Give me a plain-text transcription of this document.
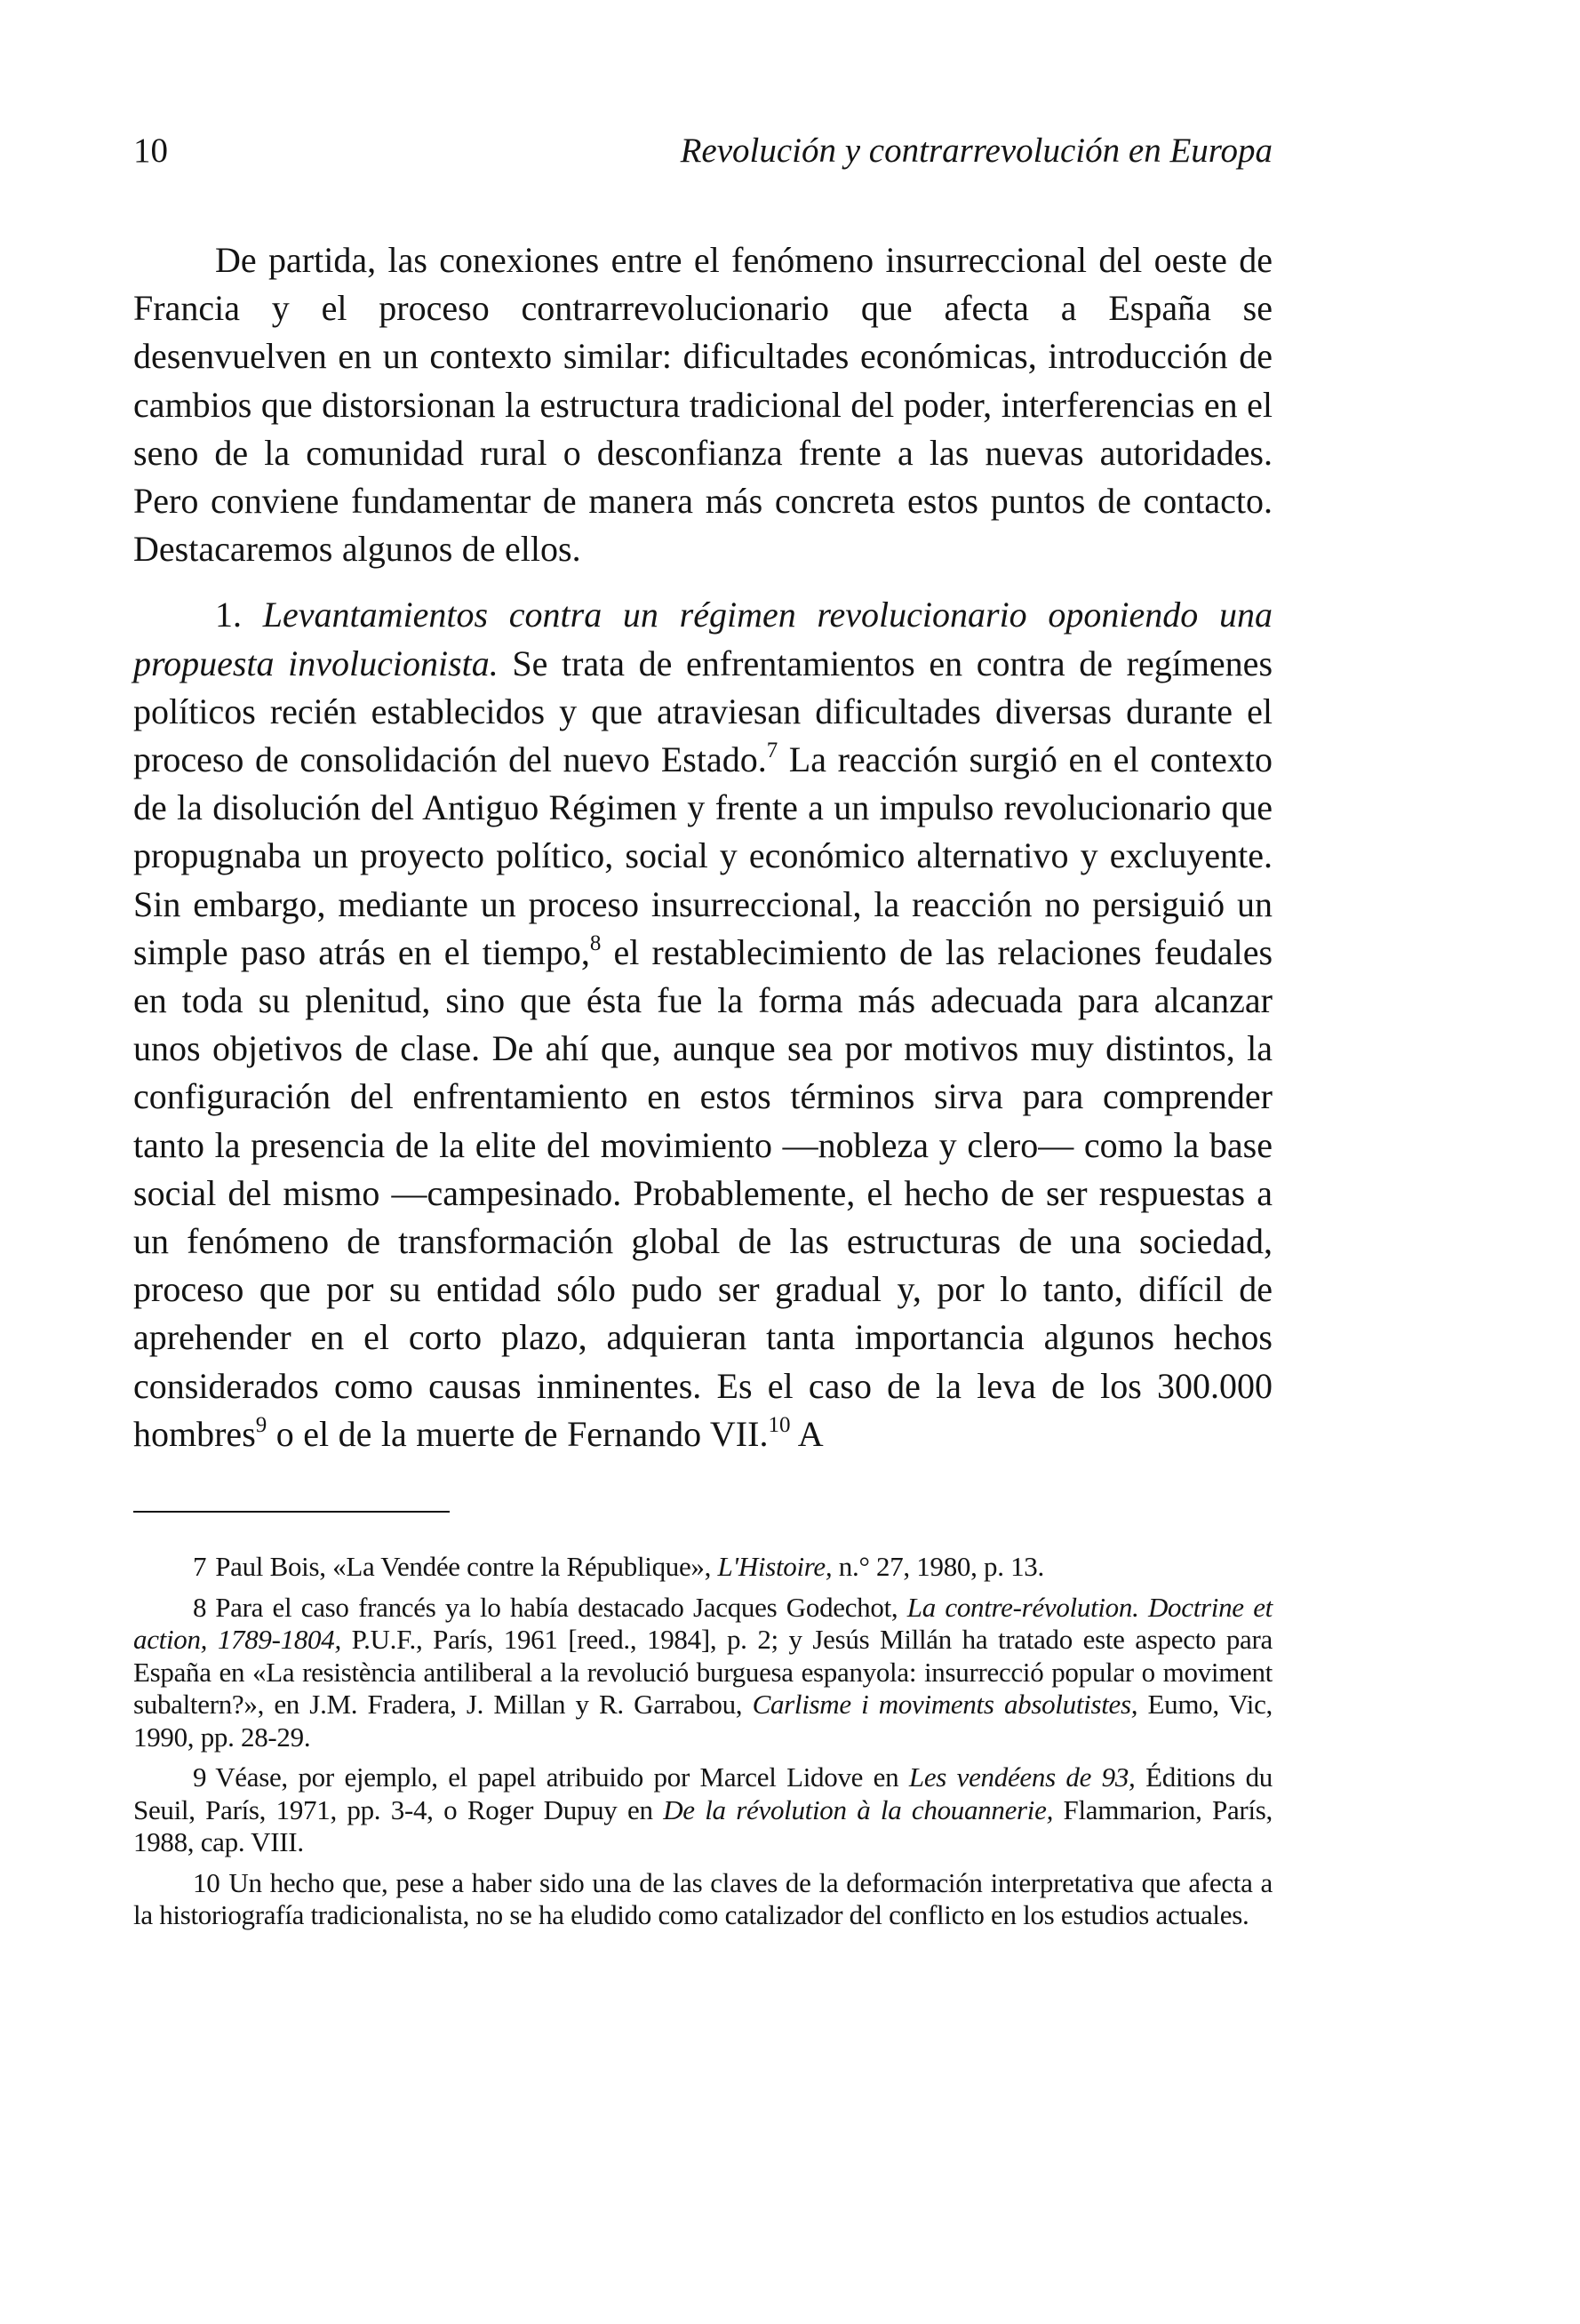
10	Revolución y contrarrevolución en Europa

De partida, las conexiones entre el fenómeno insurreccional del oeste de Francia y el proceso contrarrevolucionario que afecta a España se desenvuelven en un contexto similar: dificultades económicas, introducción de cambios que distorsionan la estructura tradicional del poder, interferencias en el seno de la comunidad rural o desconfianza frente a las nuevas autoridades. Pero conviene fundamentar de manera más concreta estos puntos de contacto. Destacaremos algunos de ellos.

1. Levantamientos contra un régimen revolucionario oponiendo una propuesta involucionista. Se trata de enfrentamientos en contra de regímenes políticos recién establecidos y que atraviesan dificultades diversas durante el proceso de consolidación del nuevo Estado.$^7$ La reacción surgió en el contexto de la disolución del Antiguo Régimen y frente a un impulso revolucionario que propugnaba un proyecto político, social y económico alternativo y excluyente. Sin embargo, mediante un proceso insurreccional, la reacción no persiguió un simple paso atrás en el tiempo,$^8$ el restablecimiento de las relaciones feudales en toda su plenitud, sino que ésta fue la forma más adecuada para alcanzar unos objetivos de clase. De ahí que, aunque sea por motivos muy distintos, la configuración del enfrentamiento en estos términos sirva para comprender tanto la presencia de la elite del movimiento —nobleza y clero— como la base social del mismo —campesinado. Probablemente, el hecho de ser respuestas a un fenómeno de transformación global de las estructuras de una sociedad, proceso que por su entidad sólo pudo ser gradual y, por lo tanto, difícil de aprehender en el corto plazo, adquieran tanta importancia algunos hechos considerados como causas inminentes. Es el caso de la leva de los 300.000 hombres$^9$ o el de la muerte de Fernando VII.$^{10}$ A

7 Paul Bois, «La Vendée contre la République», L'Histoire, n.° 27, 1980, p. 13.

8 Para el caso francés ya lo había destacado Jacques Godechot, La contre-révolution. Doctrine et action, 1789-1804, P.U.F., París, 1961 [reed., 1984], p. 2; y Jesús Millán ha tratado este aspecto para España en «La resistència antiliberal a la revolució burguesa espanyola: insurrecció popular o moviment subaltern?», en J.M. Fradera, J. Millan y R. Garrabou, Carlisme i moviments absolutistes, Eumo, Vic, 1990, pp. 28-29.

9 Véase, por ejemplo, el papel atribuido por Marcel Lidove en Les vendéens de 93, Éditions du Seuil, París, 1971, pp. 3-4, o Roger Dupuy en De la révolution à la chouannerie, Flammarion, París, 1988, cap. VIII.

10 Un hecho que, pese a haber sido una de las claves de la deformación interpretativa que afecta a la historiografía tradicionalista, no se ha eludido como catalizador del conflicto en los estudios actuales.
